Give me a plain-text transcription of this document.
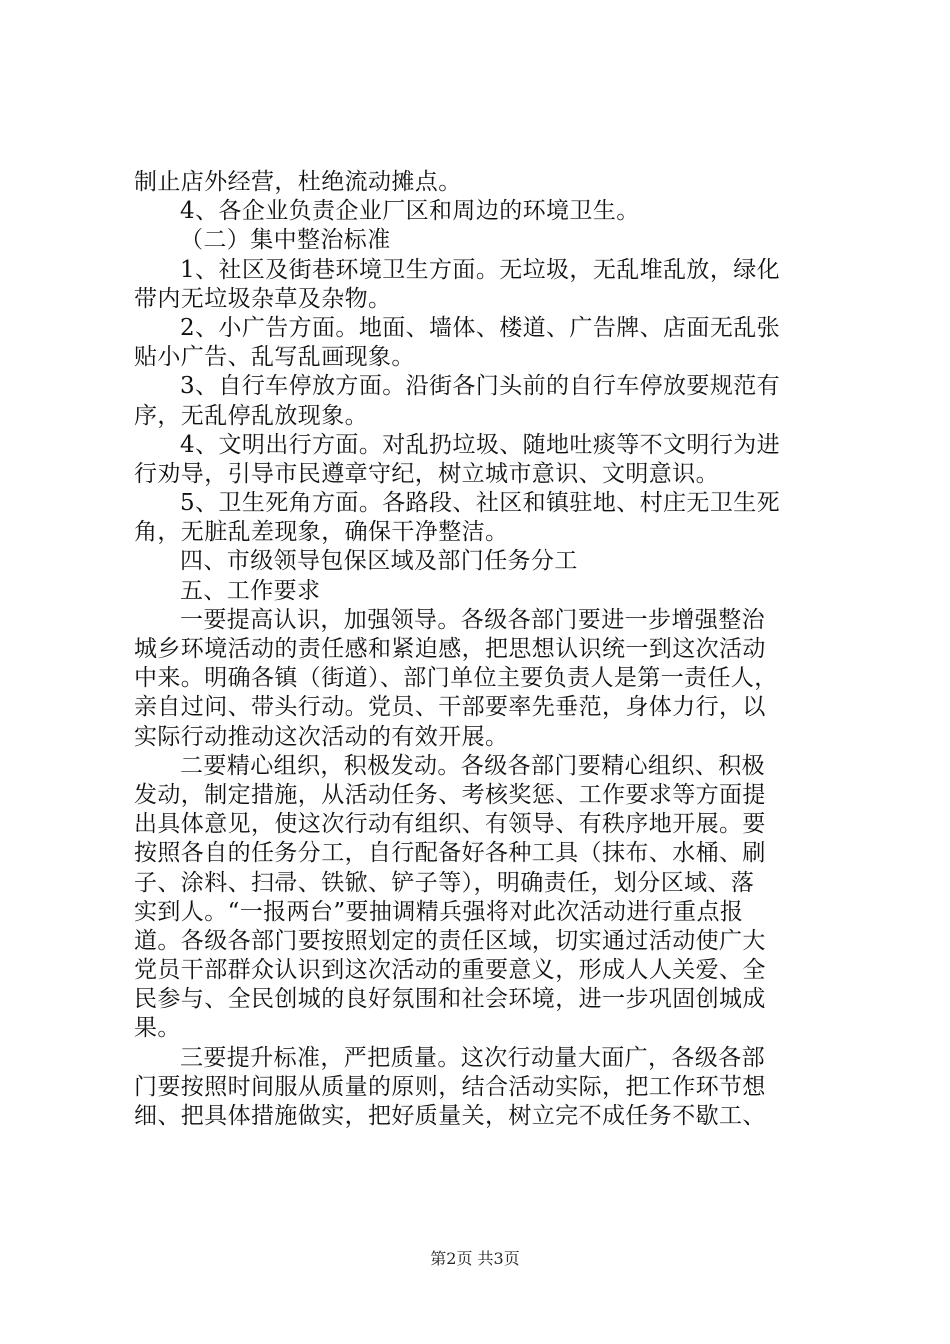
制止店外经营，杜绝流动摊点。
4、各企业负责企业厂区和周边的环境卫生。
（二）集中整治标准
1、社区及街巷环境卫生方面。无垃圾，无乱堆乱放，绿化
带内无垃圾杂草及杂物。
2、小广告方面。地面、墙体、楼道、广告牌、店面无乱张
贴小广告、乱写乱画现象。
3、自行车停放方面。沿街各门头前的自行车停放要规范有
序，无乱停乱放现象。
4、文明出行方面。对乱扔垃圾、随地吐痰等不文明行为进
行劝导，引导市民遵章守纪，树立城市意识、文明意识。
5、卫生死角方面。各路段、社区和镇驻地、村庄无卫生死
角，无脏乱差现象，确保干净整洁。
四、市级领导包保区域及部门任务分工
五、工作要求
一要提高认识，加强领导。各级各部门要进一步增强整治
城乡环境活动的责任感和紧迫感，把思想认识统一到这次活动
中来。明确各镇（街道）、部门单位主要负责人是第一责任人，
亲自过问、带头行动。党员、干部要率先垂范，身体力行，以
实际行动推动这次活动的有效开展。
二要精心组织，积极发动。各级各部门要精心组织、积极
发动，制定措施，从活动任务、考核奖惩、工作要求等方面提
出具体意见，使这次行动有组织、有领导、有秩序地开展。要
按照各自的任务分工，自行配备好各种工具（抹布、水桶、刷
子、涂料、扫帚、铁锨、铲子等），明确责任，划分区域、落
实到人。“一报两台”要抽调精兵强将对此次活动进行重点报
道。各级各部门要按照划定的责任区域，切实通过活动使广大
党员干部群众认识到这次活动的重要意义，形成人人关爱、全
民参与、全民创城的良好氛围和社会环境，进一步巩固创城成
果。
三要提升标准，严把质量。这次行动量大面广，各级各部
门要按照时间服从质量的原则，结合活动实际，把工作环节想
细、把具体措施做实，把好质量关，树立完不成任务不歇工、
第2页 共3页
